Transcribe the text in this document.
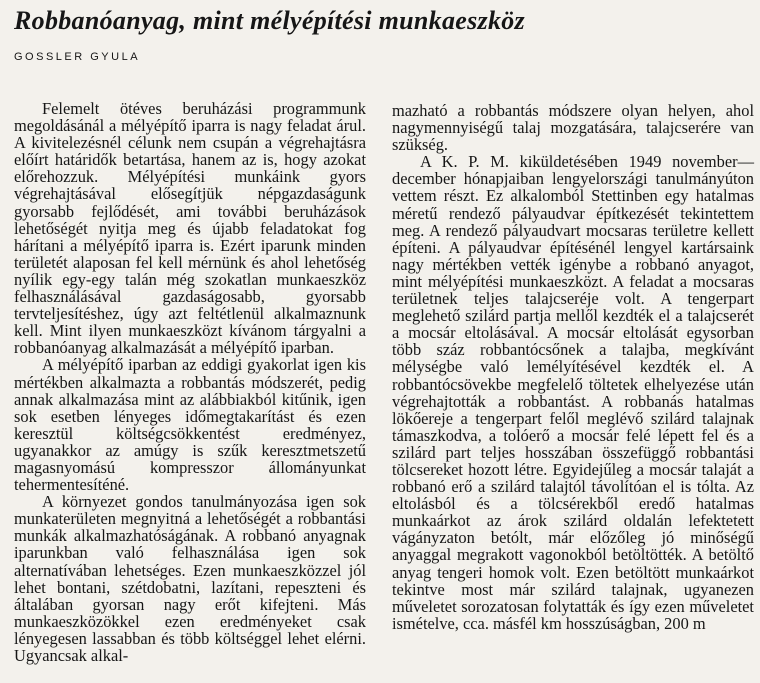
Robbanóanyag, mint mélyépítési munkaeszköz
GOSSLER GYULA

Felemelt ötéves beruházási programmunk megoldásánál a mélyépítő iparra is nagy feladat árul. A kivitelezésnél célunk nem csupán a végrehajtásra előírt határidők betartása, hanem az is, hogy azokat előrehozzuk. Mélyépítési munkáink gyors végrehajtásával elősegítjük népgazdaságunk gyorsabb fejlődését, ami további beruházások lehetőségét nyitja meg és újabb feladatokat fog hárítani a mélyépítő iparra is. Ezért iparunk minden területét alaposan fel kell mérnünk és ahol lehetőség nyílik egy-egy talán még szokatlan munkaeszköz felhasználásával gazdaságosabb, gyorsabb tervteljesítéshez, úgy azt feltétlenül alkalmaznunk kell. Mint ilyen munkaeszközt kívánom tárgyalni a robbanóanyag alkalmazását a mélyépítő iparban.

A mélyépítő iparban az eddigi gyakorlat igen kis mértékben alkalmazta a robbantás módszerét, pedig annak alkalmazása mint az alábbiakból kitűnik, igen sok esetben lényeges időmegtakarítást és ezen keresztül költségcsökkentést eredményez, ugyanakkor az amúgy is szűk keresztmetszetű magasnyomású kompresszor állományunkat tehermentesíténé.

A környezet gondos tanulmányozása igen sok munkaterületen megnyitná a lehetőségét a robbantási munkák alkalmazhatóságának. A robbanó anyagnak iparunkban való felhasználása igen sok alternatívában lehetséges. Ezen munkaeszközzel jól lehet bontani, szétdobatni, lazítani, repeszteni és általában gyorsan nagy erőt kifejteni. Más munkaeszközökkel ezen eredményeket csak lényegesen lassabban és több költséggel lehet elérni. Ugyancsak alkal-

mazható a robbantás módszere olyan helyen, ahol nagymennyiségű talaj mozgatására, talajcserére van szükség.

A K. P. M. kiküldetésében 1949 november—december hónapjaiban lengyelországi tanulmányúton vettem részt. Ez alkalomból Stettinben egy hatalmas méretű rendező pályaudvar építkezését tekintettem meg. A rendező pályaudvart mocsaras területre kellett építeni. A pályaudvar építésénél lengyel kartársaink nagy mértékben vették igénybe a robbanó anyagot, mint mélyépítési munkaeszközt. A feladat a mocsaras területnek teljes talajcseréje volt. A tengerpart meglehető szilárd partja mellől kezdték el a talajcserét a mocsár eltolásával. A mocsár eltolását egysorban több száz robbantócsőnek a talajba, megkívánt mélységbe való lemélyítésével kezdték el. A robbantócsövekbe megfelelő töltetek elhelyezése után végrehajtották a robbantást. A robbanás hatalmas lökőereje a tengerpart felől meglévő szilárd talajnak támaszkodva, a tolóerő a mocsár felé lépett fel és a szilárd part teljes hosszában összefüggő robbantási tölcsereket hozott létre. Egyidejűleg a mocsár talaját a robbanó erő a szilárd talajtól távolítóan el is tólta. Az eltolásból és a tölcsérekből eredő hatalmas munkaárkot az árok szilárd oldalán lefektetett vágányzaton betólt, már előzőleg jó minőségű anyaggal megrakott vagonokból betöltötték. A betöltő anyag tengeri homok volt. Ezen betöltött munkaárkot tekintve most már szilárd talajnak, ugyanezen műveletet sorozatosan folytatták és így ezen műveletet ismételve, cca. másfél km hosszúságban, 200 m
